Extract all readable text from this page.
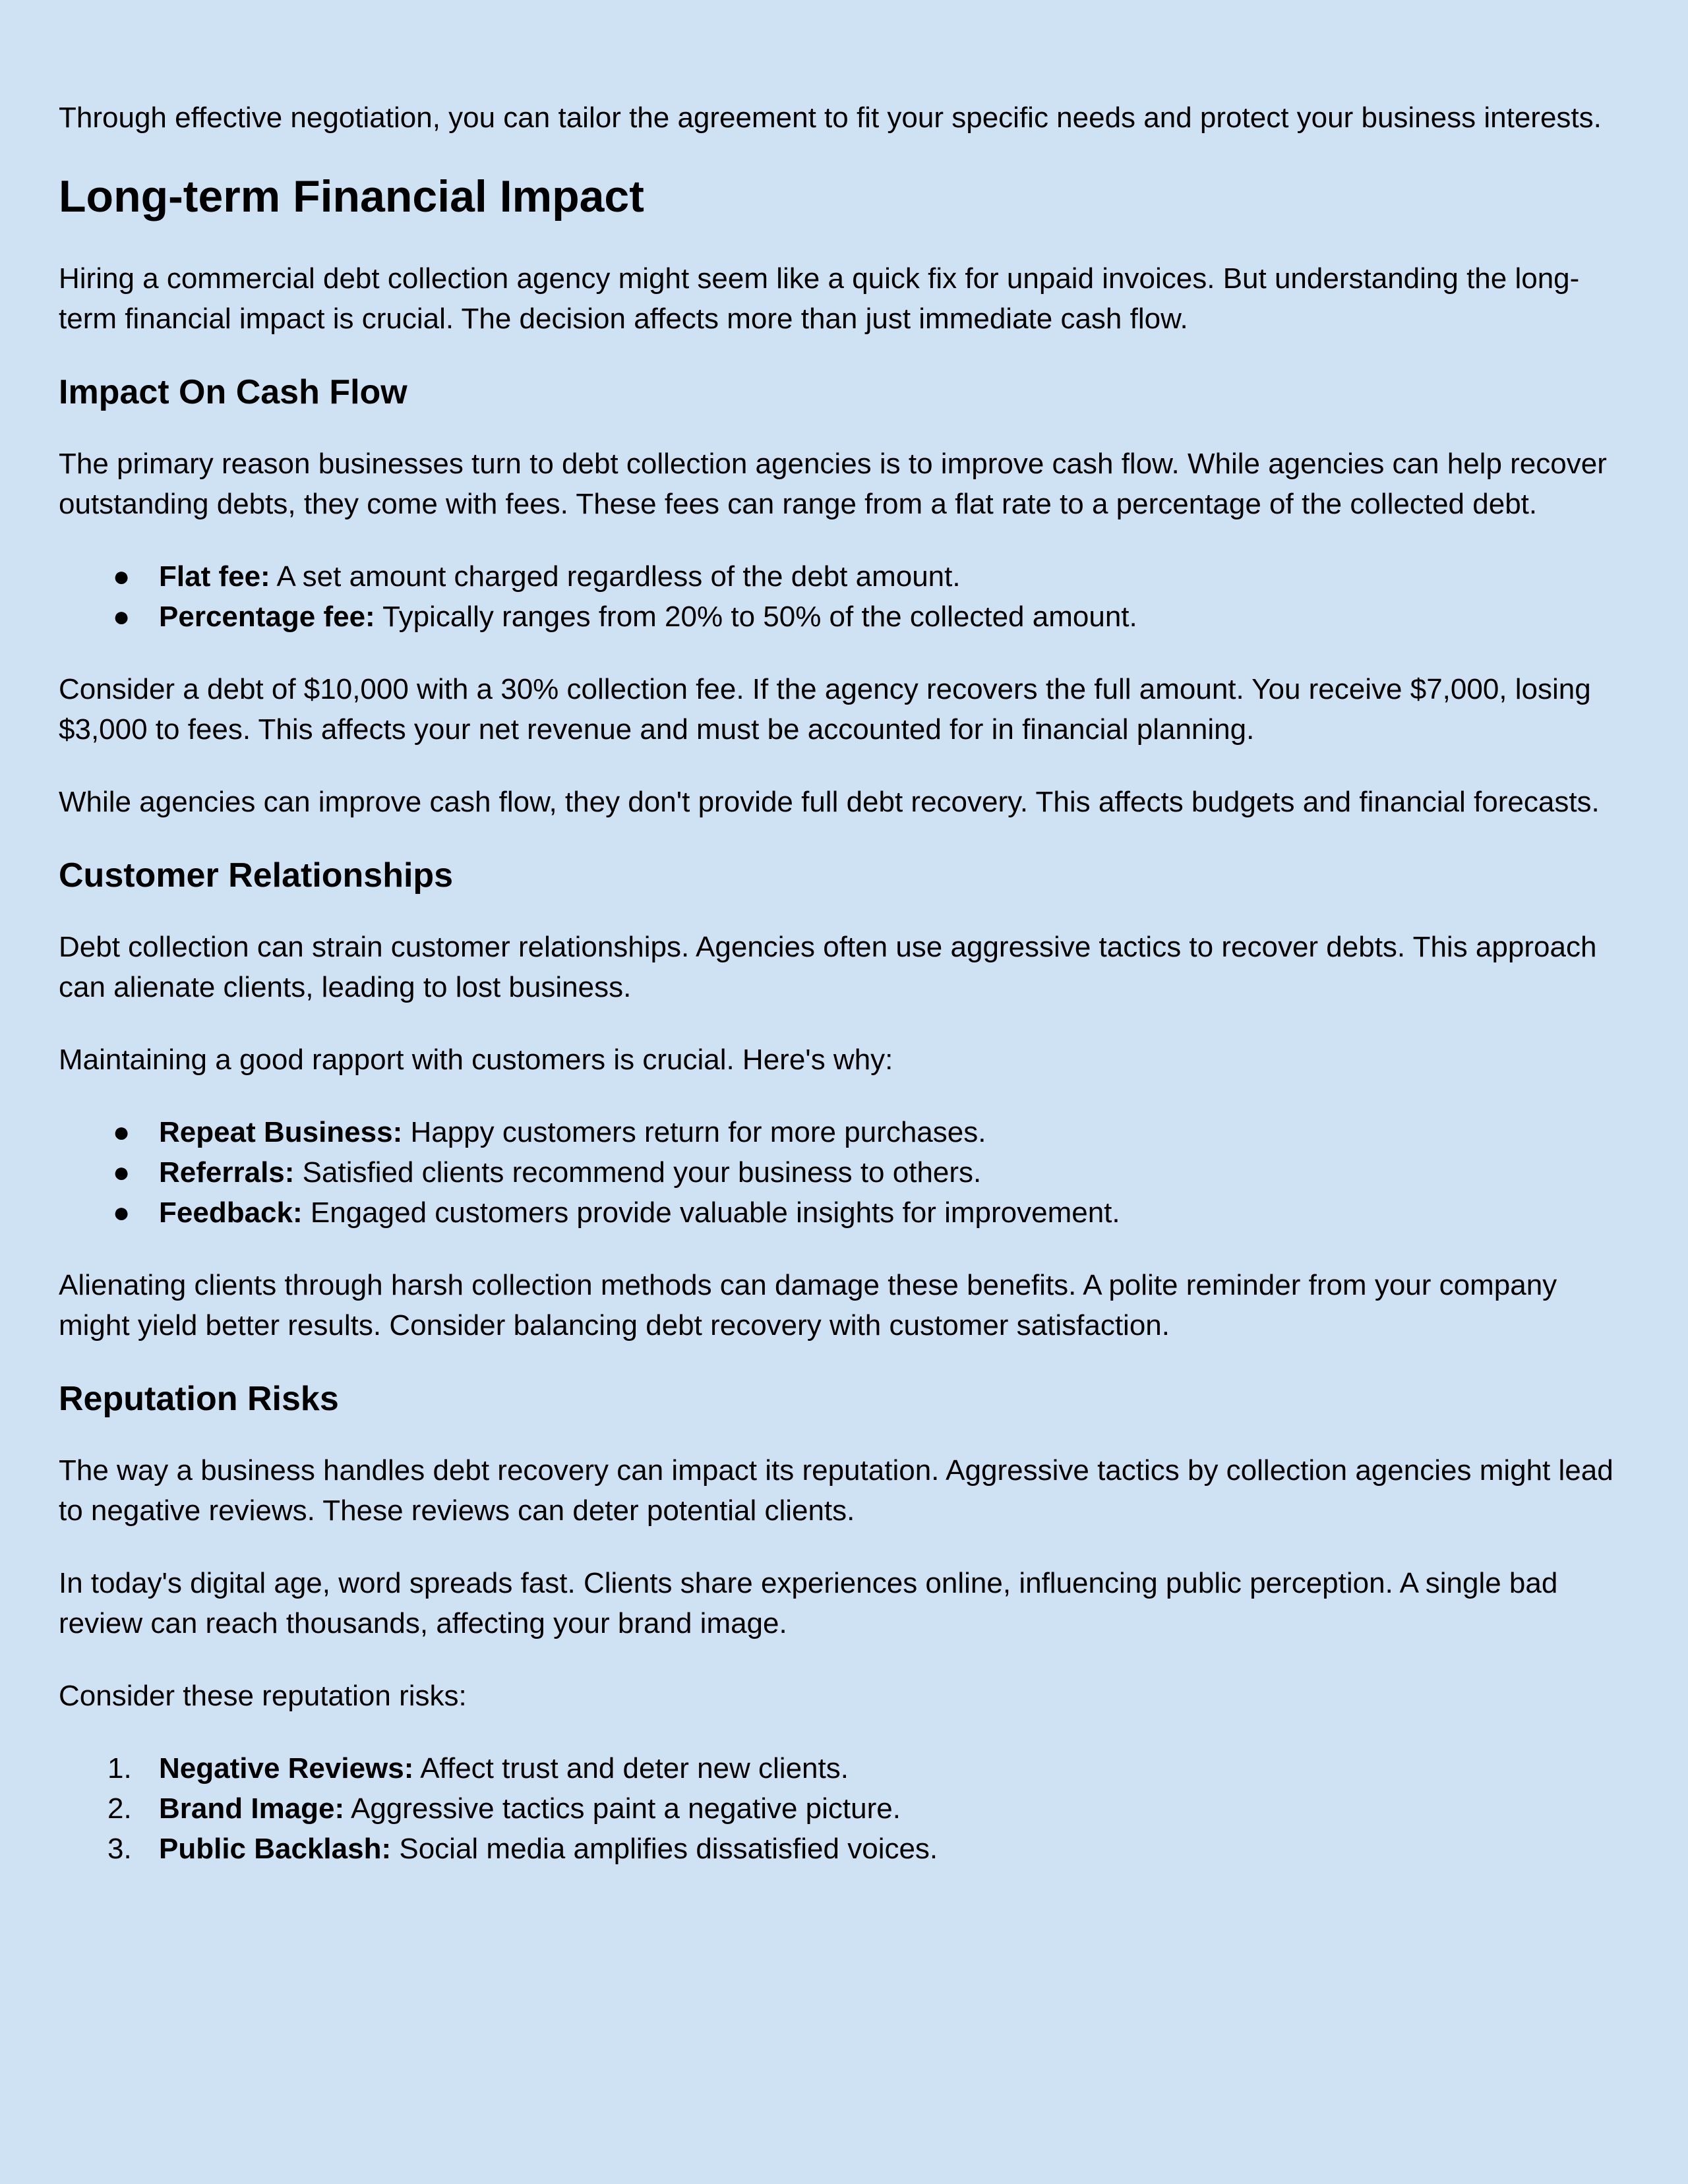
Through effective negotiation, you can tailor the agreement to fit your specific needs and protect your business interests.

Long-term Financial Impact

Hiring a commercial debt collection agency might seem like a quick fix for unpaid invoices. But understanding the long-term financial impact is crucial. The decision affects more than just immediate cash flow.

Impact On Cash Flow

The primary reason businesses turn to debt collection agencies is to improve cash flow. While agencies can help recover outstanding debts, they come with fees. These fees can range from a flat rate to a percentage of the collected debt.

● Flat fee: A set amount charged regardless of the debt amount.
● Percentage fee: Typically ranges from 20% to 50% of the collected amount.

Consider a debt of $10,000 with a 30% collection fee. If the agency recovers the full amount. You receive $7,000, losing $3,000 to fees. This affects your net revenue and must be accounted for in financial planning.

While agencies can improve cash flow, they don't provide full debt recovery. This affects budgets and financial forecasts.

Customer Relationships

Debt collection can strain customer relationships. Agencies often use aggressive tactics to recover debts. This approach can alienate clients, leading to lost business.

Maintaining a good rapport with customers is crucial. Here's why:

● Repeat Business: Happy customers return for more purchases.
● Referrals: Satisfied clients recommend your business to others.
● Feedback: Engaged customers provide valuable insights for improvement.

Alienating clients through harsh collection methods can damage these benefits. A polite reminder from your company might yield better results. Consider balancing debt recovery with customer satisfaction.

Reputation Risks

The way a business handles debt recovery can impact its reputation. Aggressive tactics by collection agencies might lead to negative reviews. These reviews can deter potential clients.

In today's digital age, word spreads fast. Clients share experiences online, influencing public perception. A single bad review can reach thousands, affecting your brand image.

Consider these reputation risks:

1. Negative Reviews: Affect trust and deter new clients.
2. Brand Image: Aggressive tactics paint a negative picture.
3. Public Backlash: Social media amplifies dissatisfied voices.
